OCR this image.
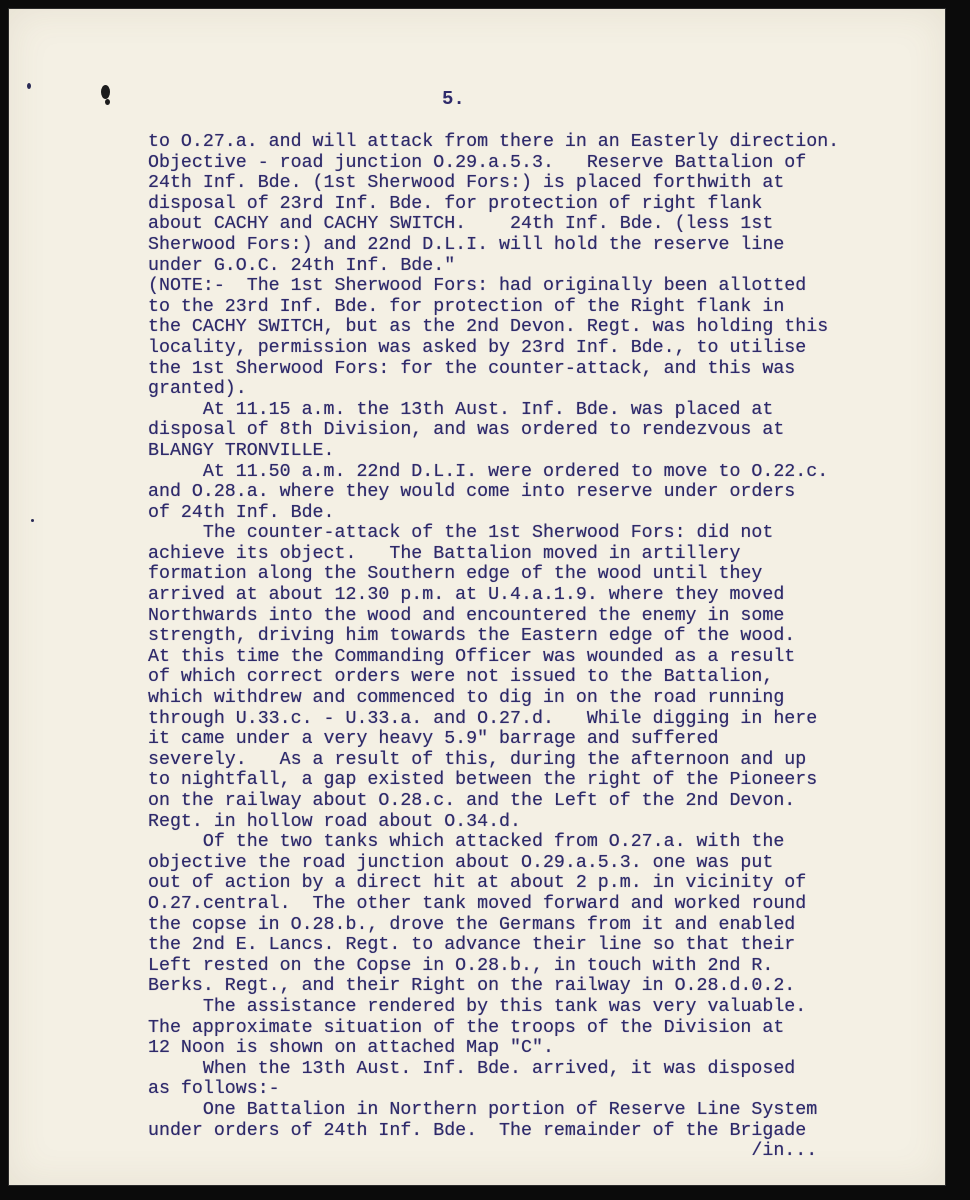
5.
to O.27.a. and will attack from there in an Easterly direction.
Objective - road junction O.29.a.5.3.   Reserve Battalion of
24th Inf. Bde. (1st Sherwood Fors:) is placed forthwith at
disposal of 23rd Inf. Bde. for protection of right flank
about CACHY and CACHY SWITCH.    24th Inf. Bde. (less 1st
Sherwood Fors:) and 22nd D.L.I. will hold the reserve line
under G.O.C. 24th Inf. Bde."
(NOTE:-  The 1st Sherwood Fors: had originally been allotted
to the 23rd Inf. Bde. for protection of the Right flank in
the CACHY SWITCH, but as the 2nd Devon. Regt. was holding this
locality, permission was asked by 23rd Inf. Bde., to utilise
the 1st Sherwood Fors: for the counter-attack, and this was
granted).
At 11.15 a.m. the 13th Aust. Inf. Bde. was placed at
disposal of 8th Division, and was ordered to rendezvous at
BLANGY TRONVILLE.
At 11.50 a.m. 22nd D.L.I. were ordered to move to O.22.c.
and O.28.a. where they would come into reserve under orders
of 24th Inf. Bde.
The counter-attack of the 1st Sherwood Fors: did not
achieve its object.   The Battalion moved in artillery
formation along the Southern edge of the wood until they
arrived at about 12.30 p.m. at U.4.a.1.9. where they moved
Northwards into the wood and encountered the enemy in some
strength, driving him towards the Eastern edge of the wood.
At this time the Commanding Officer was wounded as a result
of which correct orders were not issued to the Battalion,
which withdrew and commenced to dig in on the road running
through U.33.c. - U.33.a. and O.27.d.   While digging in here
it came under a very heavy 5.9" barrage and suffered
severely.   As a result of this, during the afternoon and up
to nightfall, a gap existed between the right of the Pioneers
on the railway about O.28.c. and the Left of the 2nd Devon.
Regt. in hollow road about O.34.d.
Of the two tanks which attacked from O.27.a. with the
objective the road junction about O.29.a.5.3. one was put
out of action by a direct hit at about 2 p.m. in vicinity of
O.27.central.  The other tank moved forward and worked round
the copse in O.28.b., drove the Germans from it and enabled
the 2nd E. Lancs. Regt. to advance their line so that their
Left rested on the Copse in O.28.b., in touch with 2nd R.
Berks. Regt., and their Right on the railway in O.28.d.0.2.
The assistance rendered by this tank was very valuable.
The approximate situation of the troops of the Division at
12 Noon is shown on attached Map "C".
When the 13th Aust. Inf. Bde. arrived, it was disposed
as follows:-
One Battalion in Northern portion of Reserve Line System
under orders of 24th Inf. Bde.  The remainder of the Brigade
/in...
